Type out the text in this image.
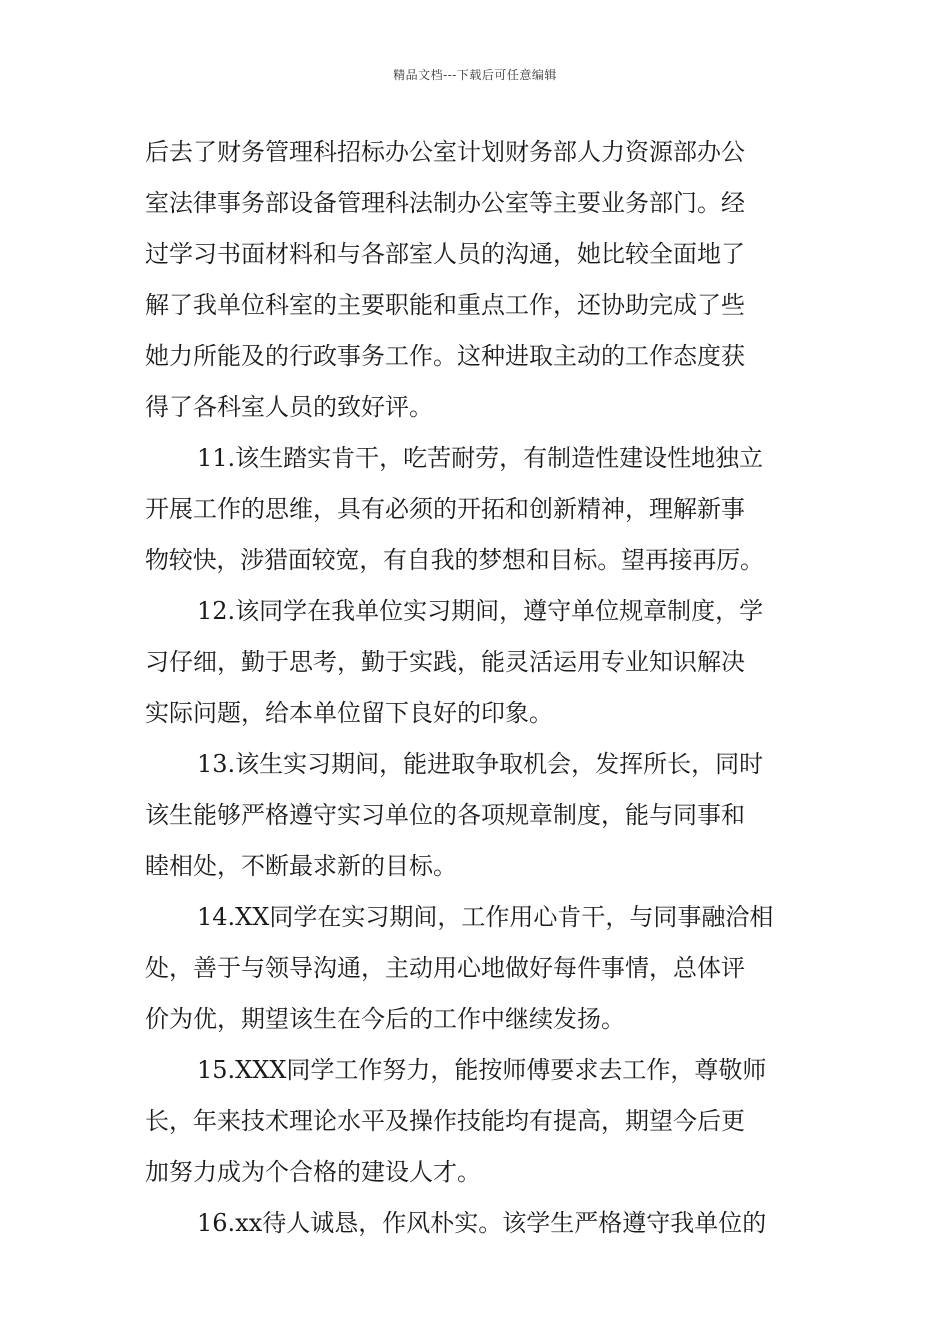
精品文档---下载后可任意编辑
后去了财务管理科招标办公室计划财务部人力资源部办公
室法律事务部设备管理科法制办公室等主要业务部门。经
过学习书面材料和与各部室人员的沟通，她比较全面地了
解了我单位科室的主要职能和重点工作，还协助完成了些
她力所能及的行政事务工作。这种进取主动的工作态度获
得了各科室人员的致好评。
11.该生踏实肯干，吃苦耐劳，有制造性建设性地独立
开展工作的思维，具有必须的开拓和创新精神，理解新事
物较快，涉猎面较宽，有自我的梦想和目标。望再接再厉。
12.该同学在我单位实习期间，遵守单位规章制度，学
习仔细，勤于思考，勤于实践，能灵活运用专业知识解决
实际问题，给本单位留下良好的印象。
13.该生实习期间，能进取争取机会，发挥所长，同时
该生能够严格遵守实习单位的各项规章制度，能与同事和
睦相处，不断最求新的目标。
14.XX同学在实习期间，工作用心肯干，与同事融洽相
处，善于与领导沟通，主动用心地做好每件事情，总体评
价为优，期望该生在今后的工作中继续发扬。
15.XXX同学工作努力，能按师傅要求去工作，尊敬师
长，年来技术理论水平及操作技能均有提高，期望今后更
加努力成为个合格的建设人才。
16.xx待人诚恳，作风朴实。该学生严格遵守我单位的
